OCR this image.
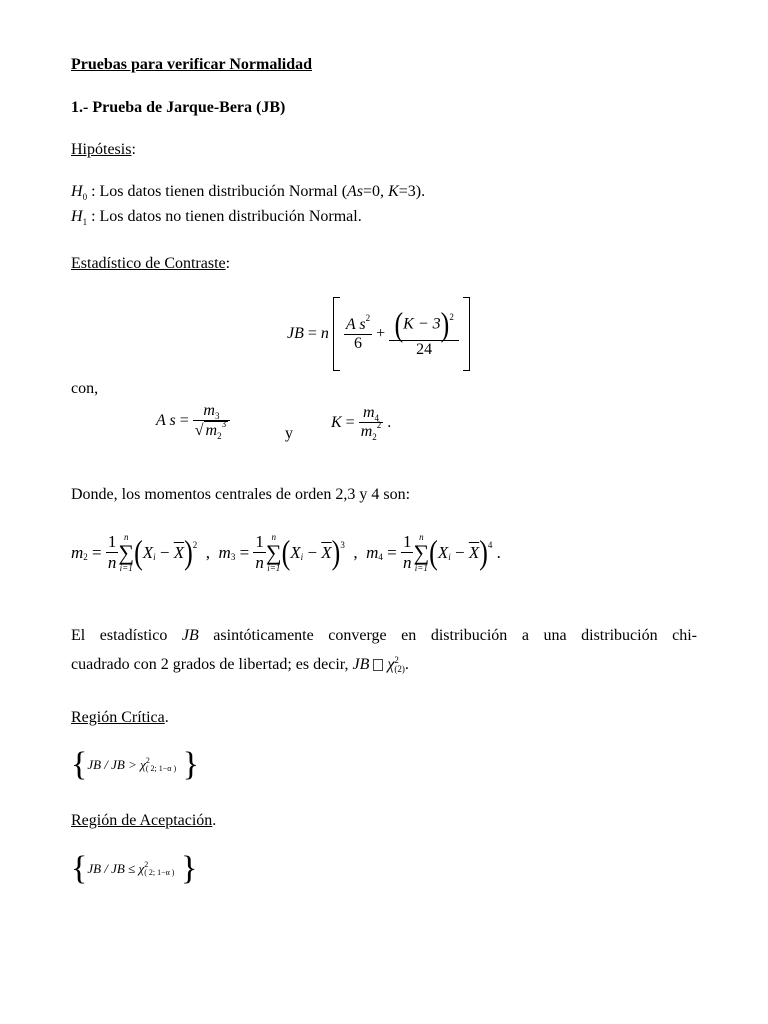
Pruebas para verificar Normalidad
1.- Prueba de Jarque-Bera (JB)
Hipótesis:
$H_0$ : Los datos tienen distribución Normal (As=0, K=3).
$H_1$ : Los datos no tienen distribución Normal.
Estadístico de Contraste:
JB = n
$\frac{A s^2}{6} + \frac{(K - 3)^2}{24}$
con,
A $s = \frac{m_3}{√ m_2^3}$	y
$K = \frac{m_4}{m_2^2}$ .
Donde, los momentos centrales de orden 2,3 y 4 son:
m $2 = \frac{1}{n}$ n
∑
i=1 ( X $i - \overline{X}$ ) 2 , m $3 = \frac{1}{n}$ n
∑
i=1 ( X $i - \overline{X}$ ) 3 , m $4 = \frac{1}{n}$ n
∑
i=1 ( X $i - \overline{X}$ ) 4 .
El estadístico JB asintóticamente converge en distribución a una distribución chi-
cuadrado con 2 grados de libertad; es decir, JB χ 2
(2) .
Región Crítica.
{ JB / JB > χ 2
( 2; 1−α )
}
Región de Aceptación.
{ JB / JB ≤ χ 2
( 2; 1−α )
}
